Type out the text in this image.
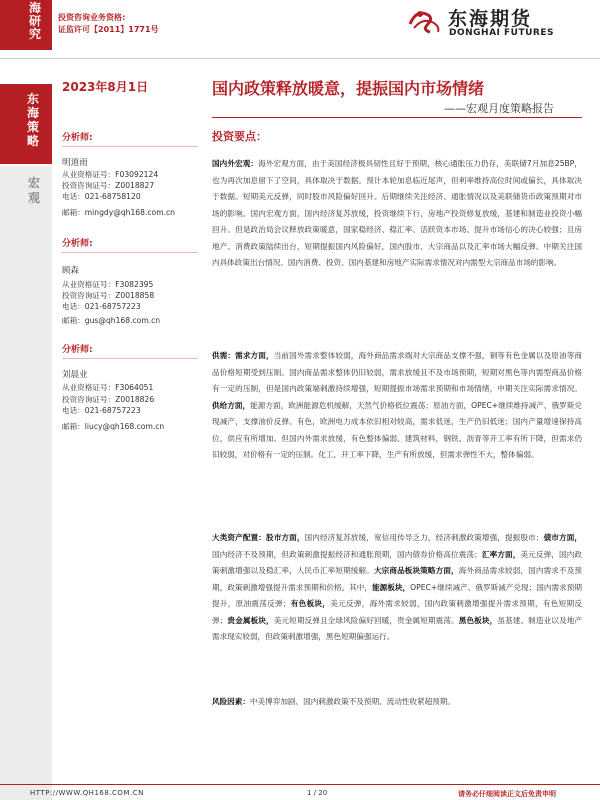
海研究
投资咨询业务资格:
证监许可【2011】1771号	东海期货
DONGHAI FUTURES
东海策略
宏观
2023年8月1日	国内政策释放暖意，提振国内市场情绪
——宏观月度策略报告
分析师:
明道雨
从业资格证号：F03092124
投资咨询证号：Z0018827
电话：021-68758120
邮箱：mingdy@qh168.com.cn
分析师:
顾森
从业资格证号：F3082395
投资咨询证号：Z0018858
电话：021-68757223
邮箱：gus@qh168.com.cn
分析师:
刘晨业
从业资格证号：F3064051
投资咨询证号：Z0018826
电话：021-68757223
邮箱：liucy@qh168.com.cn
投资要点：
国内外宏观：海外宏观方面，由于美国经济极具韧性且好于预期，核心通胀压力仍存，美联储7月加息25BP，也为再次加息留下了空间，具体取决于数据。预计本轮加息临近尾声，但利率维持高位时间或偏长，具体取决于数据。短期美元反弹，同时股市风险偏好回升。后期继续关注经济、通胀情况以及美联储货币政策预期对市场的影响。国内宏观方面，国内经济复苏放缓，投资继续下行，房地产投资修复放缓，基建和制造业投资小幅回升。但是政治局会议释放政策暖意，国家稳经济、稳汇率、活跃资本市场、提升市场信心的决心较强；且房地产、消费政策陆续出台，短期提振国内风险偏好，国内股市、大宗商品以及汇率市场大幅反弹。中期关注国内具体政策出台情况、国内消费、投资、国内基建和房地产实际需求情况对内需型大宗商品市场的影响。
供需：需求方面，当前国外需求整体较弱，海外商品需求端对大宗商品支撑不强，铜等有色金属以及原油等商品价格短期受到压制。国内商品需求整体仍旧较弱，需求放缓且不及市场预期，短期对黑色等内需型商品价格有一定的压制，但是国内政策端刺激持续增强，短期提振市场需求预期和市场情绪，中期关注实际需求情况。供给方面，能源方面，欧洲能源危机缓解，天然气价格低位震荡；原油方面，OPEC+继续维持减产、俄罗斯兑现减产，支撑油价反弹。有色，欧洲电力成本依旧相对较高，需求低迷，生产仍旧低迷；国内产量增速保持高位，供应有所增加。但国内外需求放缓，有色整体偏弱。建筑材料，钢铁、沥青等开工率有所下降，但需求仍旧较弱，对价格有一定的压制。化工，开工率下降，生产有所放缓，但需求弹性不大，整体偏弱。
大类资产配置：股市方面，国内经济复苏放缓，宽信用传导乏力，经济刺激政策增强，提振股市；债市方面，国内经济不及预期，但政策刺激提振经济和通胀预期，国内债券价格高位震荡；汇率方面，美元反弹，国内政策刺激增强以及稳汇率，人民币汇率短期缓解。大宗商品板块策略方面，海外商品需求较弱，国内需求不及预期，政策刺激增强提升需求预期和价格。其中，能源板块，OPEC+继续减产、俄罗斯减产兑现；国内需求预期提升，原油震荡反弹；有色板块，美元反弹，海外需求较弱，国内政策刺激增强提升需求预期，有色短期反弹；贵金属板块，美元短期反弹且全球风险偏好回暖，贵金属短期震荡。黑色板块，虽基建、制造业以及地产需求现实较弱，但政策刺激增强，黑色短期偏强运行。
风险因素：中美博弈加剧、国内刺激政策不及预期、流动性收紧超预期。
HTTP://WWW.QH168.COM.CN	1 / 20	请务必仔细阅读正文后免责申明
